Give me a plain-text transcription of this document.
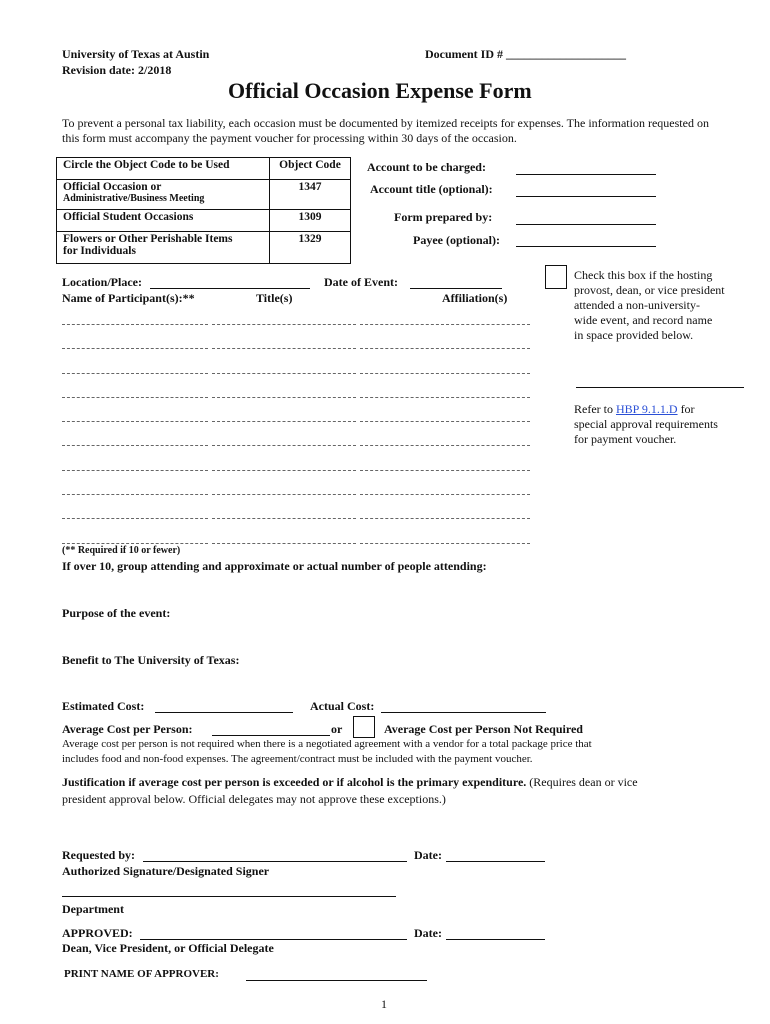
University of Texas at Austin
Revision date: 2/2018
Document ID # ____________________
Official Occasion Expense Form
To prevent a personal tax liability, each occasion must be documented by itemized receipts for expenses. The information requested on this form must accompany the payment voucher for processing within 30 days of the occasion.
Circle the Object Code to be Used	Object Code

Official Occasion or
Administrative/Business Meeting	1347
Official Student Occasions	1309

Flowers or Other Perishable Items
for Individuals	1329
Account to be charged:
Account title (optional):
Form prepared by:
Payee (optional):
Location/Place:	Date of Event:
Name of Participant(s):**	Title(s)	Affiliation(s)
Check this box if the hosting
provost, dean, or vice president
attended a non-university-
wide event, and record name
in space provided below.
Refer to HBP 9.1.1.D for
special approval requirements
for payment voucher.
(** Required if 10 or fewer)
If over 10, group attending and approximate or actual number of people attending:
Purpose of the event:
Benefit to The University of Texas:
Estimated Cost:	Actual Cost:
Average Cost per Person:	or	Average Cost per Person Not Required
Average cost per person is not required when there is a negotiated agreement with a vendor for a total package price that
includes food and non-food expenses. The agreement/contract must be included with the payment voucher.
Justification if average cost per person is exceeded or if alcohol is the primary expenditure. (Requires dean or vice
president approval below. Official delegates may not approve these exceptions.)
Requested by:	Date:
Authorized Signature/Designated Signer
Department
APPROVED:	Date:
Dean, Vice President, or Official Delegate
PRINT NAME OF APPROVER:
1
